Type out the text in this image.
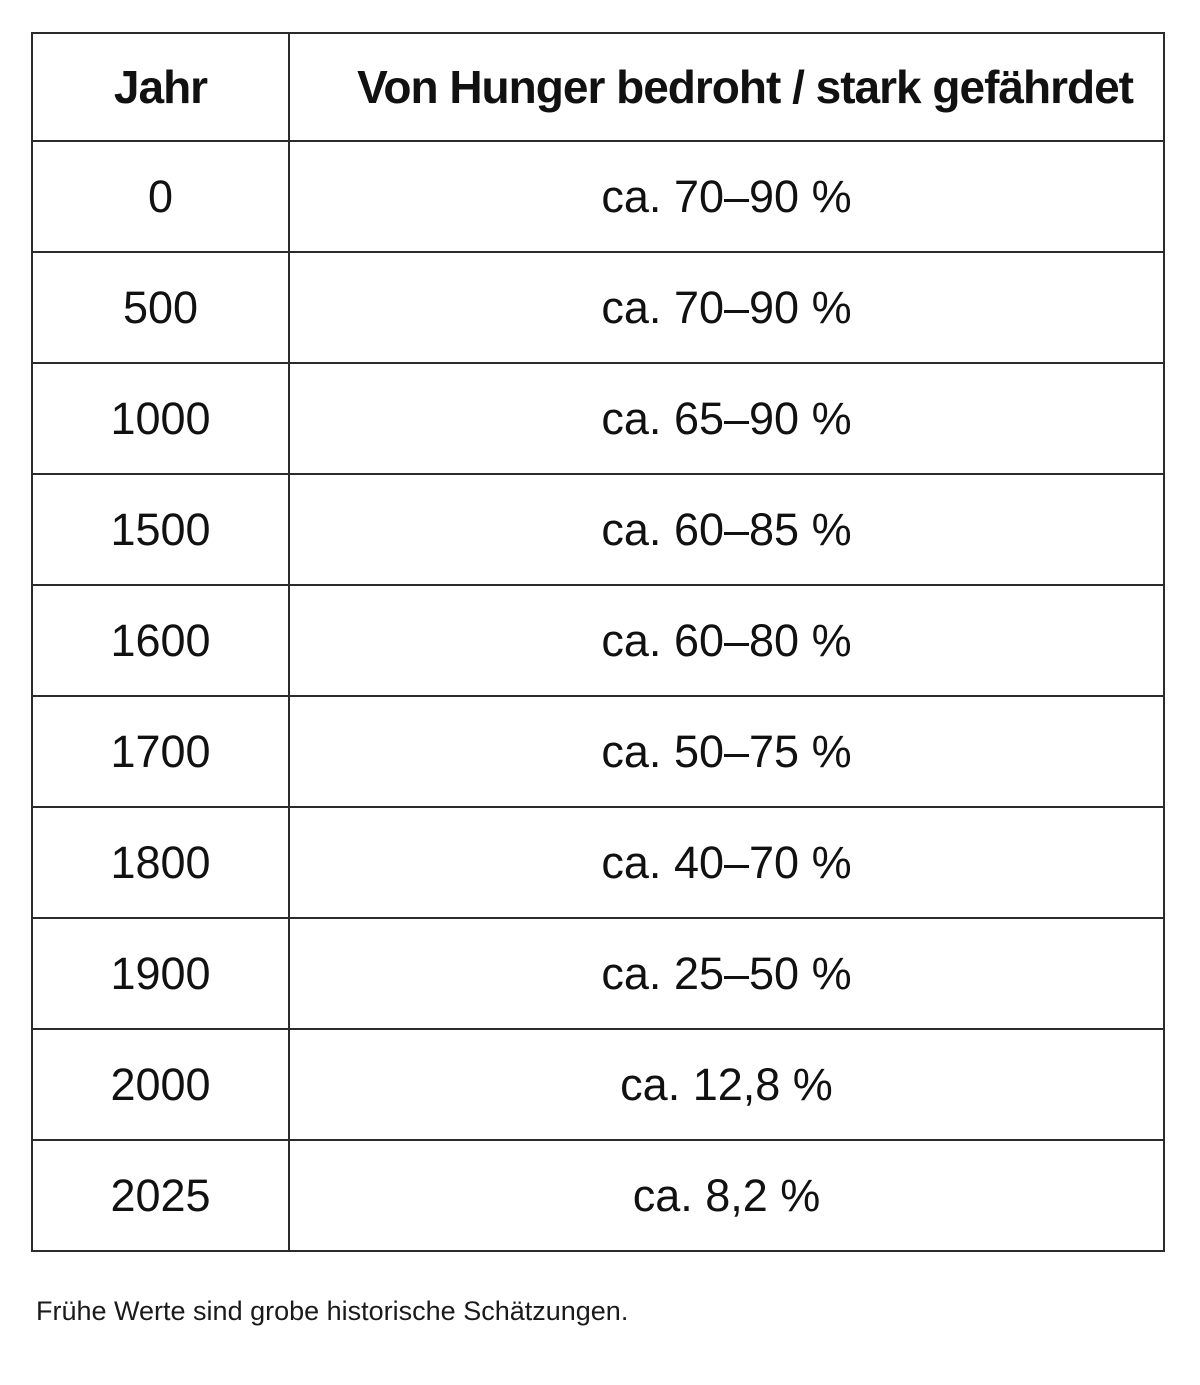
Jahr	Von Hunger bedroht / stark gefährdet
0	ca. 70–90 %
500	ca. 70–90 %
1000	ca. 65–90 %
1500	ca. 60–85 %
1600	ca. 60–80 %
1700	ca. 50–75 %
1800	ca. 40–70 %
1900	ca. 25–50 %
2000	ca. 12,8 %
2025	ca. 8,2 %
Frühe Werte sind grobe historische Schätzungen.
